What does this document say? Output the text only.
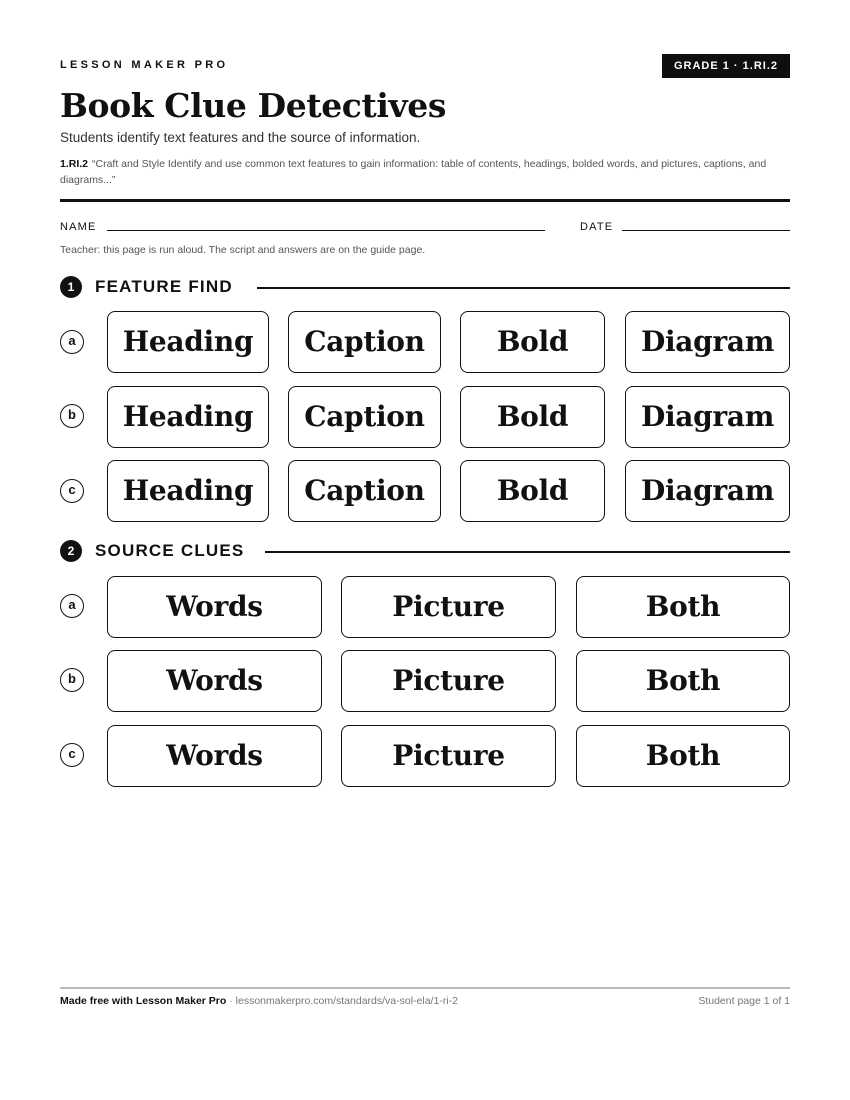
LESSON MAKER PRO	GRADE 1 · 1.RI.2
Book Clue Detectives
Students identify text features and the source of information.
1.RI.2 “Craft and Style Identify and use common text features to gain information: table of contents, headings, bolded words, and pictures, captions, and diagrams...”
NAME	DATE
Teacher: this page is run aloud. The script and answers are on the guide page.
1	FEATURE FIND
a	Heading	Caption	Bold	Diagram
b	Heading	Caption	Bold	Diagram
c	Heading	Caption	Bold	Diagram
2	SOURCE CLUES
a	Words	Picture	Both
b	Words	Picture	Both
c	Words	Picture	Both
Made free with Lesson Maker Pro · lessonmakerpro.com/standards/va-sol-ela/1-ri-2	Student page 1 of 1
